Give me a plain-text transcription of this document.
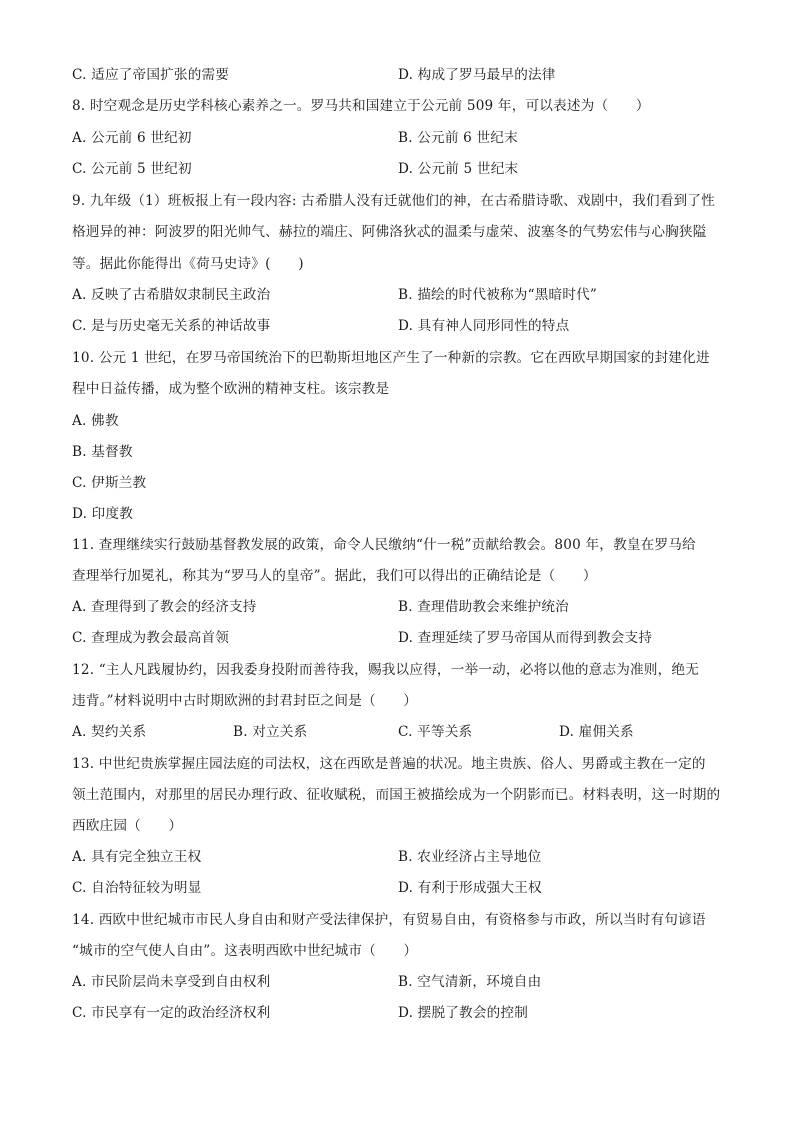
C. 适应了帝国扩张的需要	D. 构成了罗马最早的法律
8. 时空观念是历史学科核心素养之一。罗马共和国建立于公元前 509 年，可以表述为（　　）
A. 公元前 6 世纪初	B. 公元前 6 世纪末
C. 公元前 5 世纪初	D. 公元前 5 世纪末
9. 九年级（1）班板报上有一段内容: 古希腊人没有迁就他们的神，在古希腊诗歌、戏剧中，我们看到了性
格迥异的神：阿波罗的阳光帅气、赫拉的端庄、阿佛洛狄忒的温柔与虚荣、波塞冬的气势宏伟与心胸狭隘
等。据此你能得出《荷马史诗》(　　)
A. 反映了古希腊奴隶制民主政治	B. 描绘的时代被称为“黑暗时代”
C. 是与历史毫无关系的神话故事	D. 具有神人同形同性的特点
10. 公元 1 世纪，在罗马帝国统治下的巴勒斯坦地区产生了一种新的宗教。它在西欧早期国家的封建化进
程中日益传播，成为整个欧洲的精神支柱。该宗教是
A. 佛教
B. 基督教
C. 伊斯兰教
D. 印度教
11. 查理继续实行鼓励基督教发展的政策，命令人民缴纳“什一税”贡献给教会。800 年，教皇在罗马给
查理举行加冕礼，称其为“罗马人的皇帝”。据此，我们可以得出的正确结论是（　　）
A. 查理得到了教会的经济支持	B. 查理借助教会来维护统治
C. 查理成为教会最高首领	D. 查理延续了罗马帝国从而得到教会支持
12. “主人凡践履协约，因我委身投附而善待我，赐我以应得，一举一动，必将以他的意志为准则，绝无
违背。”材料说明中古时期欧洲的封君封臣之间是（　　）
A. 契约关系	B. 对立关系	C. 平等关系	D. 雇佣关系
13. 中世纪贵族掌握庄园法庭的司法权，这在西欧是普遍的状况。地主贵族、俗人、男爵或主教在一定的
领土范围内，对那里的居民办理行政、征收赋税，而国王被描绘成为一个阴影而已。材料表明，这一时期的
西欧庄园（　　）
A. 具有完全独立王权	B. 农业经济占主导地位
C. 自治特征较为明显	D. 有利于形成强大王权
14. 西欧中世纪城市市民人身自由和财产受法律保护，有贸易自由，有资格参与市政，所以当时有句谚语
“城市的空气使人自由”。这表明西欧中世纪城市（　　）
A. 市民阶层尚未享受到自由权利	B. 空气清新，环境自由
C. 市民享有一定的政治经济权利	D. 摆脱了教会的控制
